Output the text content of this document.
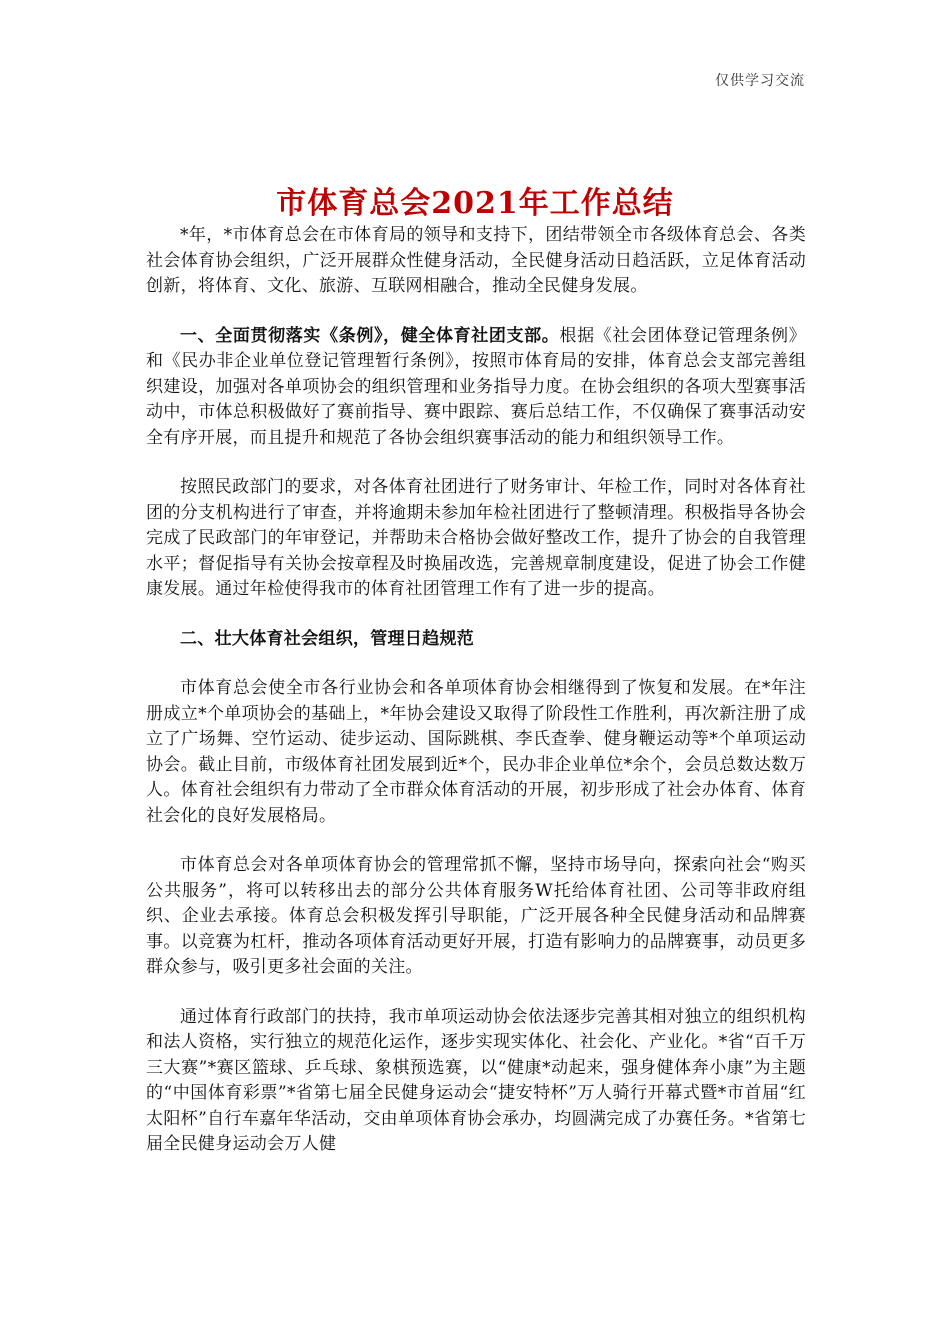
仅供学习交流
市体育总会2021年工作总结

*年，*市体育总会在市体育局的领导和支持下，团结带领全市各级体育总会、各类社会体育协会组织，广泛开展群众性健身活动，全民健身活动日趋活跃，立足体育活动创新，将体育、文化、旅游、互联网相融合，推动全民健身发展。

一、全面贯彻落实《条例》，健全体育社团支部。根据《社会团体登记管理条例》和《民办非企业单位登记管理暂行条例》，按照市体育局的安排，体育总会支部完善组织建设，加强对各单项协会的组织管理和业务指导力度。在协会组织的各项大型赛事活动中，市体总积极做好了赛前指导、赛中跟踪、赛后总结工作，不仅确保了赛事活动安全有序开展，而且提升和规范了各协会组织赛事活动的能力和组织领导工作。

按照民政部门的要求，对各体育社团进行了财务审计、年检工作，同时对各体育社团的分支机构进行了审查，并将逾期未参加年检社团进行了整顿清理。积极指导各协会完成了民政部门的年审登记，并帮助未合格协会做好整改工作，提升了协会的自我管理水平；督促指导有关协会按章程及时换届改选，完善规章制度建设，促进了协会工作健康发展。通过年检使得我市的体育社团管理工作有了进一步的提高。

二、壮大体育社会组织，管理日趋规范

市体育总会使全市各行业协会和各单项体育协会相继得到了恢复和发展。在*年注册成立*个单项协会的基础上，*年协会建设又取得了阶段性工作胜利，再次新注册了成立了广场舞、空竹运动、徒步运动、国际跳棋、李氏查拳、健身鞭运动等*个单项运动协会。截止目前，市级体育社团发展到近*个，民办非企业单位*余个，会员总数达数万人。体育社会组织有力带动了全市群众体育活动的开展，初步形成了社会办体育、体育社会化的良好发展格局。

市体育总会对各单项体育协会的管理常抓不懈，坚持市场导向，探索向社会“购买公共服务”，将可以转移出去的部分公共体育服务W托给体育社团、公司等非政府组织、企业去承接。体育总会积极发挥引导职能，广泛开展各种全民健身活动和品牌赛事。以竞赛为杠杆，推动各项体育活动更好开展，打造有影响力的品牌赛事，动员更多群众参与，吸引更多社会面的关注。

通过体育行政部门的扶持，我市单项运动协会依法逐步完善其相对独立的组织机构和法人资格，实行独立的规范化运作，逐步实现实体化、社会化、产业化。*省“百千万三大赛”*赛区篮球、乒乓球、象棋预选赛，以“健康*动起来，强身健体奔小康”为主题的“中国体育彩票”*省第七届全民健身运动会“捷安特杯”万人骑行开幕式暨*市首届“红太阳杯”自行车嘉年华活动，交由单项体育协会承办，均圆满完成了办赛任务。*省第七届全民健身运动会万人健
